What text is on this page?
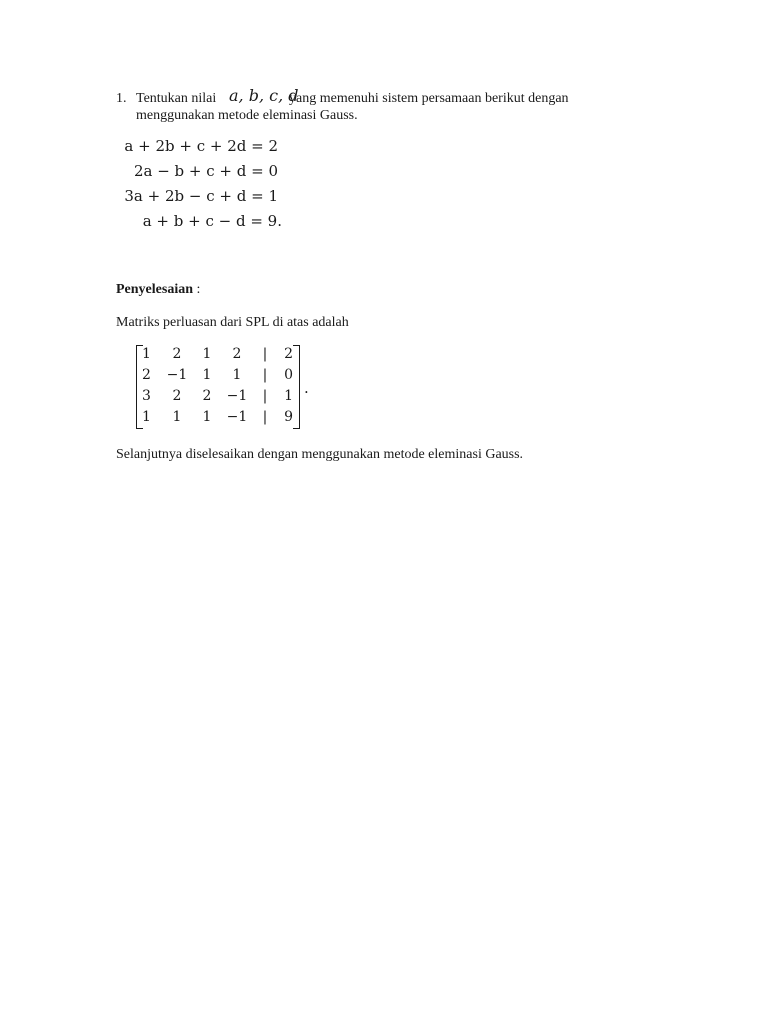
1. Tentukan nilai a, b, c, d
yang memenuhi sistem persamaan berikut dengan
menggunakan metode eleminasi Gauss.
a + 2b + c + 2d = 2
2a − b + c + d = 0
3a + 2b − c + d = 1
a + b + c − d = 9.
Penyelesaian :
Matriks perluasan dari SPL di atas adalah
1 2 1 2 | 2
2 −1 1 1 | 0
3 2 2 −1 | 1
1 1 1 −1 | 9
.
Selanjutnya diselesaikan dengan menggunakan metode eleminasi Gauss.
